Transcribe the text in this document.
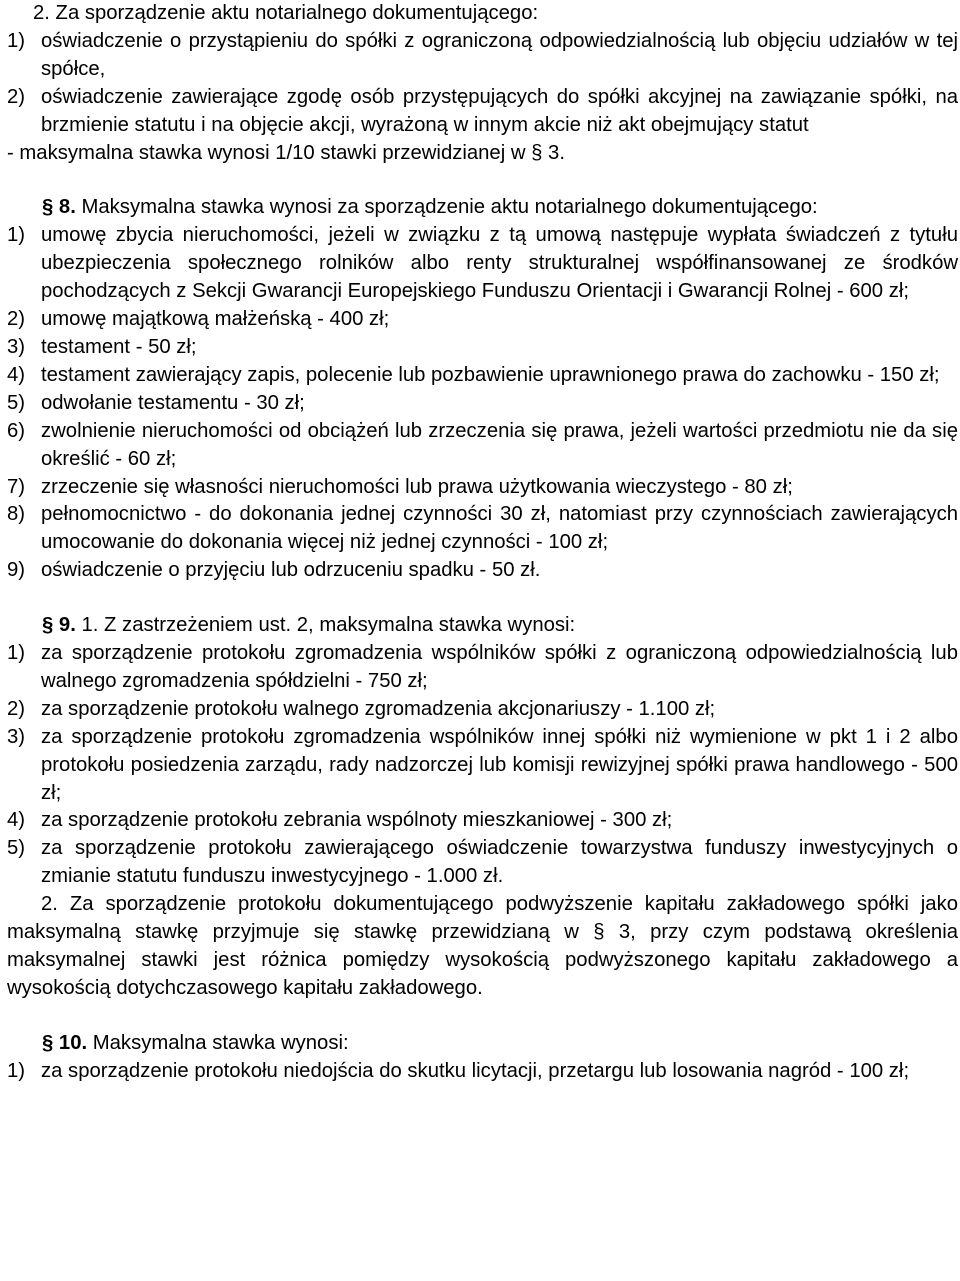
2. Za sporządzenie aktu notarialnego dokumentującego:

1) oświadczenie o przystąpieniu do spółki z ograniczoną odpowiedzialnością lub objęciu udziałów w tej spółce,
2) oświadczenie zawierające zgodę osób przystępujących do spółki akcyjnej na zawiązanie spółki, na brzmienie statutu i na objęcie akcji, wyrażoną w innym akcie niż akt obejmujący statut

- maksymalna stawka wynosi 1/10 stawki przewidzianej w § 3.

§ 8. Maksymalna stawka wynosi za sporządzenie aktu notarialnego dokumentującego:

1) umowę zbycia nieruchomości, jeżeli w związku z tą umową następuje wypłata świadczeń z tytułu ubezpieczenia społecznego rolników albo renty strukturalnej współfinansowanej ze środków pochodzących z Sekcji Gwarancji Europejskiego Funduszu Orientacji i Gwarancji Rolnej - 600 zł;
2) umowę majątkową małżeńską - 400 zł;
3) testament - 50 zł;
4) testament zawierający zapis, polecenie lub pozbawienie uprawnionego prawa do zachowku - 150 zł;
5) odwołanie testamentu - 30 zł;
6) zwolnienie nieruchomości od obciążeń lub zrzeczenia się prawa, jeżeli wartości przedmiotu nie da się określić - 60 zł;
7) zrzeczenie się własności nieruchomości lub prawa użytkowania wieczystego - 80 zł;
8) pełnomocnictwo - do dokonania jednej czynności 30 zł, natomiast przy czynnościach zawierających umocowanie do dokonania więcej niż jednej czynności - 100 zł;
9) oświadczenie o przyjęciu lub odrzuceniu spadku - 50 zł.

§ 9. 1. Z zastrzeżeniem ust. 2, maksymalna stawka wynosi:

1) za sporządzenie protokołu zgromadzenia wspólników spółki z ograniczoną odpowiedzialnością lub walnego zgromadzenia spółdzielni - 750 zł;
2) za sporządzenie protokołu walnego zgromadzenia akcjonariuszy - 1.100 zł;
3) za sporządzenie protokołu zgromadzenia wspólników innej spółki niż wymienione w pkt 1 i 2 albo protokołu posiedzenia zarządu, rady nadzorczej lub komisji rewizyjnej spółki prawa handlowego - 500 zł;
4) za sporządzenie protokołu zebrania wspólnoty mieszkaniowej - 300 zł;
5) za sporządzenie protokołu zawierającego oświadczenie towarzystwa funduszy inwestycyjnych o zmianie statutu funduszu inwestycyjnego - 1.000 zł.

2. Za sporządzenie protokołu dokumentującego podwyższenie kapitału zakładowego spółki jako maksymalną stawkę przyjmuje się stawkę przewidzianą w § 3, przy czym podstawą określenia maksymalnej stawki jest różnica pomiędzy wysokością podwyższonego kapitału zakładowego a wysokością dotychczasowego kapitału zakładowego.

§ 10. Maksymalna stawka wynosi:

1) za sporządzenie protokołu niedojścia do skutku licytacji, przetargu lub losowania nagród - 100 zł;
